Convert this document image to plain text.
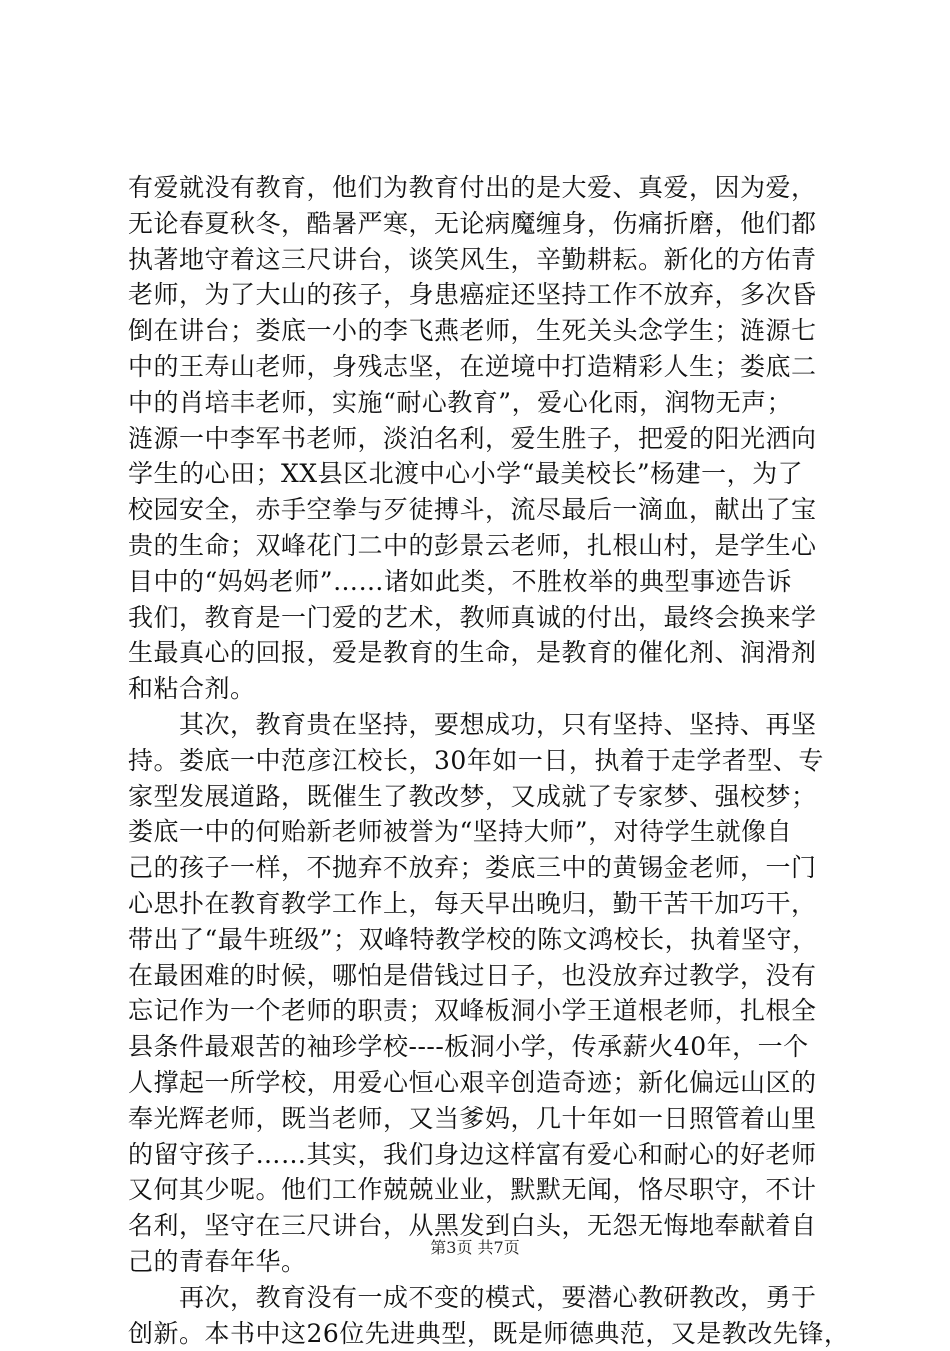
有爱就没有教育，他们为教育付出的是大爱、真爱，因为爱，
无论春夏秋冬，酷暑严寒，无论病魔缠身，伤痛折磨，他们都
执著地守着这三尺讲台，谈笑风生，辛勤耕耘。新化的方佑青
老师，为了大山的孩子，身患癌症还坚持工作不放弃，多次昏
倒在讲台；娄底一小的李飞燕老师，生死关头念学生；涟源七
中的王寿山老师，身残志坚，在逆境中打造精彩人生；娄底二
中的肖培丰老师，实施“耐心教育”，爱心化雨，润物无声；
涟源一中李军书老师，淡泊名利，爱生胜子，把爱的阳光洒向
学生的心田；XX县区北渡中心小学“最美校长”杨建一，为了
校园安全，赤手空拳与歹徒搏斗，流尽最后一滴血，献出了宝
贵的生命；双峰花门二中的彭景云老师，扎根山村，是学生心
目中的“妈妈老师”……诸如此类，不胜枚举的典型事迹告诉
我们，教育是一门爱的艺术，教师真诚的付出，最终会换来学
生最真心的回报，爱是教育的生命，是教育的催化剂、润滑剂
和粘合剂。
　　其次，教育贵在坚持，要想成功，只有坚持、坚持、再坚
持。娄底一中范彦江校长，30年如一日，执着于走学者型、专
家型发展道路，既催生了教改梦，又成就了专家梦、强校梦；
娄底一中的何贻新老师被誉为“坚持大师”，对待学生就像自
己的孩子一样，不抛弃不放弃；娄底三中的黄锡金老师，一门
心思扑在教育教学工作上，每天早出晚归，勤干苦干加巧干，
带出了“最牛班级”；双峰特教学校的陈文鸿校长，执着坚守，
在最困难的时候，哪怕是借钱过日子，也没放弃过教学，没有
忘记作为一个老师的职责；双峰板洞小学王道根老师，扎根全
县条件最艰苦的袖珍学校----板洞小学，传承薪火40年，一个
人撑起一所学校，用爱心恒心艰辛创造奇迹；新化偏远山区的
奉光辉老师，既当老师，又当爹妈，几十年如一日照管着山里
的留守孩子……其实，我们身边这样富有爱心和耐心的好老师
又何其少呢。他们工作兢兢业业，默默无闻，恪尽职守，不计
名利，坚守在三尺讲台，从黑发到白头，无怨无悔地奉献着自
己的青春年华。
　　再次，教育没有一成不变的模式，要潜心教研教改，勇于
创新。本书中这26位先进典型，既是师德典范，又是教改先锋，
第3页 共7页
